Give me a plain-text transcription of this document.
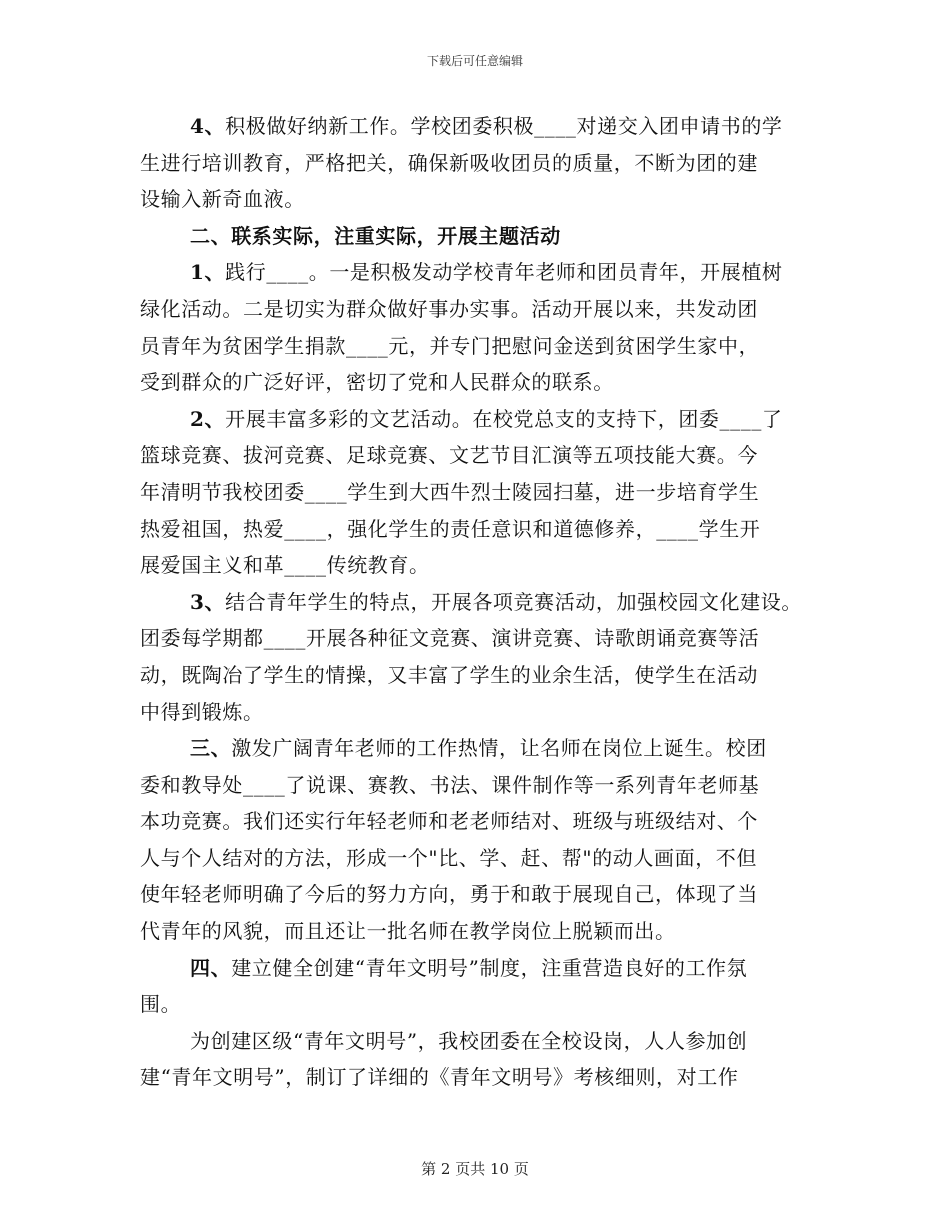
下载后可任意编辑
4、积极做好纳新工作。学校团委积极____对递交入团申请书的学
生进行培训教育，严格把关，确保新吸收团员的质量，不断为团的建
设输入新奇血液。
二、联系实际，注重实际，开展主题活动
1、践行____。一是积极发动学校青年老师和团员青年，开展植树
绿化活动。二是切实为群众做好事办实事。活动开展以来，共发动团
员青年为贫困学生捐款____元，并专门把慰问金送到贫困学生家中，
受到群众的广泛好评，密切了党和人民群众的联系。
2、开展丰富多彩的文艺活动。在校党总支的支持下，团委____了
篮球竞赛、拔河竞赛、足球竞赛、文艺节目汇演等五项技能大赛。今
年清明节我校团委____学生到大西牛烈士陵园扫墓，进一步培育学生
热爱祖国，热爱____，强化学生的责任意识和道德修养，____学生开
展爱国主义和革____传统教育。
3、结合青年学生的特点，开展各项竞赛活动，加强校园文化建设。
团委每学期都____开展各种征文竞赛、演讲竞赛、诗歌朗诵竞赛等活
动，既陶冶了学生的情操，又丰富了学生的业余生活，使学生在活动
中得到锻炼。
三、激发广阔青年老师的工作热情，让名师在岗位上诞生。校团
委和教导处____了说课、赛教、书法、课件制作等一系列青年老师基
本功竞赛。我们还实行年轻老师和老老师结对、班级与班级结对、个
人与个人结对的方法，形成一个"比、学、赶、帮"的动人画面，不但
使年轻老师明确了今后的努力方向，勇于和敢于展现自己，体现了当
代青年的风貌，而且还让一批名师在教学岗位上脱颖而出。
四、建立健全创建“青年文明号”制度，注重营造良好的工作氛
围。
为创建区级“青年文明号”，我校团委在全校设岗，人人参加创
建“青年文明号”，制订了详细的《青年文明号》考核细则，对工作
第 2 页共 10 页
